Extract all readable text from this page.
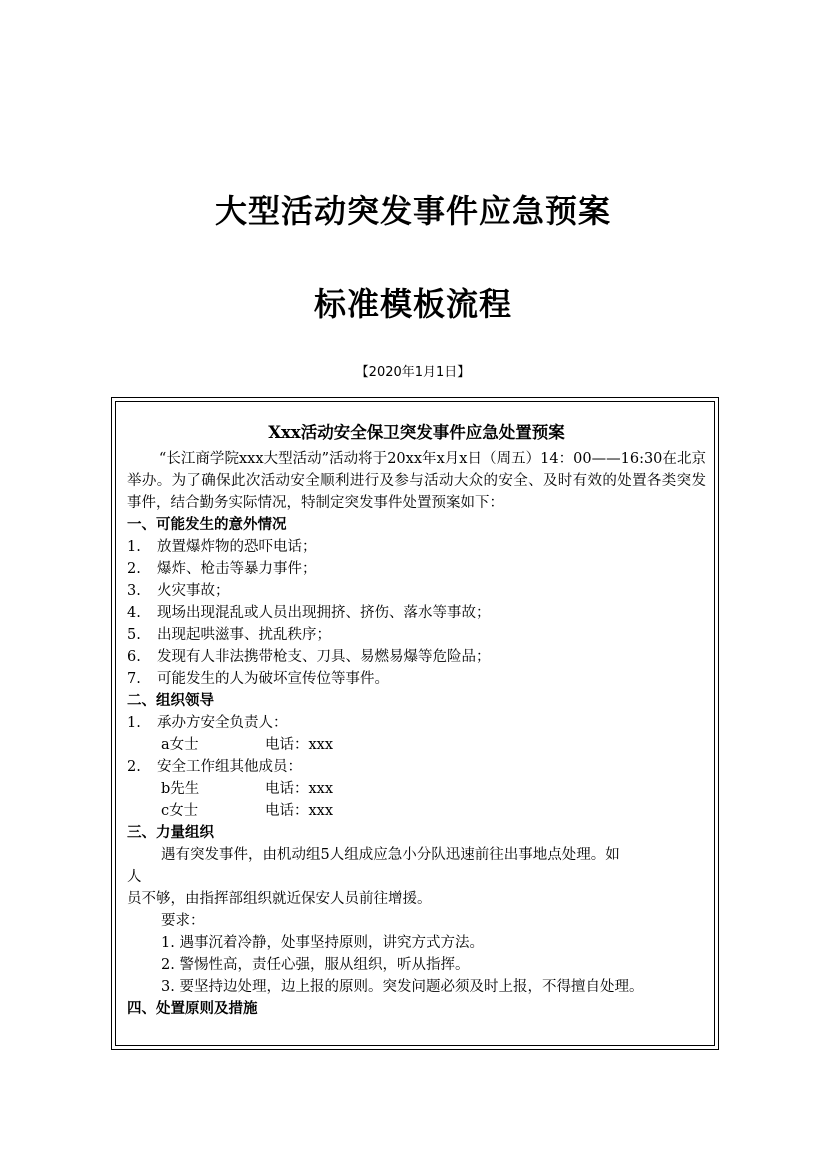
大型活动突发事件应急预案
标准模板流程
【2020年1月1日】
Xxx活动安全保卫突发事件应急处置预案

“长江商学院xxx大型活动”活动将于20xx年x月x日（周五）14：00——16:30在北京举办。为了确保此次活动安全顺利进行及参与活动大众的安全、及时有效的处置各类突发事件，结合勤务实际情况，特制定突发事件处置预案如下：

一、可能发生的意外情况
1.	放置爆炸物的恐吓电话；
2.	爆炸、枪击等暴力事件；
3.	火灾事故；
4.	现场出现混乱或人员出现拥挤、挤伤、落水等事故；
5.	出现起哄滋事、扰乱秩序；
6.	发现有人非法携带枪支、刀具、易燃易爆等危险品；
7.	可能发生的人为破坏宣传位等事件。
二、组织领导
1.	承办方安全负责人：
a女士	电话：xxx
2.	安全工作组其他成员：
b先生	电话：xxx
c女士	电话：xxx
三、力量组织

遇有突发事件，由机动组5人组成应急小分队迅速前往出事地点处理。如

人

员不够，由指挥部组织就近保安人员前往增援。

要求：

1. 遇事沉着冷静，处事坚持原则，讲究方式方法。

2. 警惕性高，责任心强，服从组织，听从指挥。

3. 要坚持边处理，边上报的原则。突发问题必须及时上报，不得擅自处理。

四、处置原则及措施
